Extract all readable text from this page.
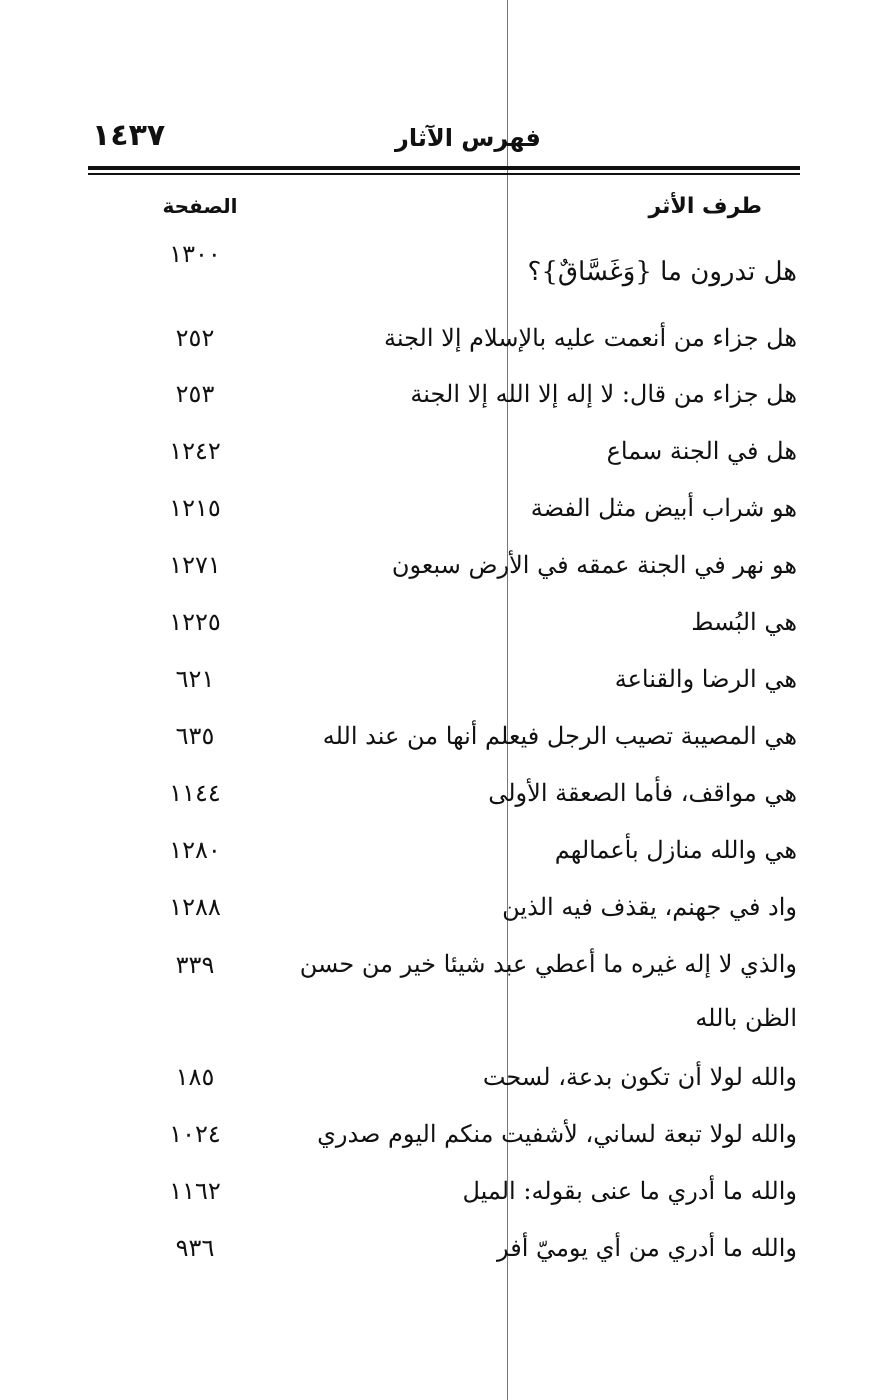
١٤٣٧	فهرس الآثار
طرف الأثر
الصفحة
هل تدرون ما {وَغَسَّاقٌ}؟
١٣٠٠
هل جزاء من أنعمت عليه بالإسلام إلا الجنة
٢٥٢
هل جزاء من قال: لا إله إلا الله إلا الجنة
٢٥٣
هل في الجنة سماع
١٢٤٢
هو شراب أبيض مثل الفضة
١٢١٥
هو نهر في الجنة عمقه في الأرض سبعون
١٢٧١
هي البُسط
١٢٢٥
هي الرضا والقناعة
٦٢١
هي المصيبة تصيب الرجل فيعلم أنها من عند الله
٦٣٥
هي مواقف، فأما الصعقة الأولى
١١٤٤
هي والله منازل بأعمالهم
١٢٨٠
واد في جهنم، يقذف فيه الذين
١٢٨٨
والذي لا إله غيره ما أعطي عبد شيئا خير من حسن الظن بالله
٣٣٩
والله لولا أن تكون بدعة، لسحت
١٨٥
والله لولا تبعة لساني، لأشفيت منكم اليوم صدري
١٠٢٤
والله ما أدري ما عنى بقوله: الميل
١١٦٢
والله ما أدري من أي يوميّ أفر
٩٣٦
